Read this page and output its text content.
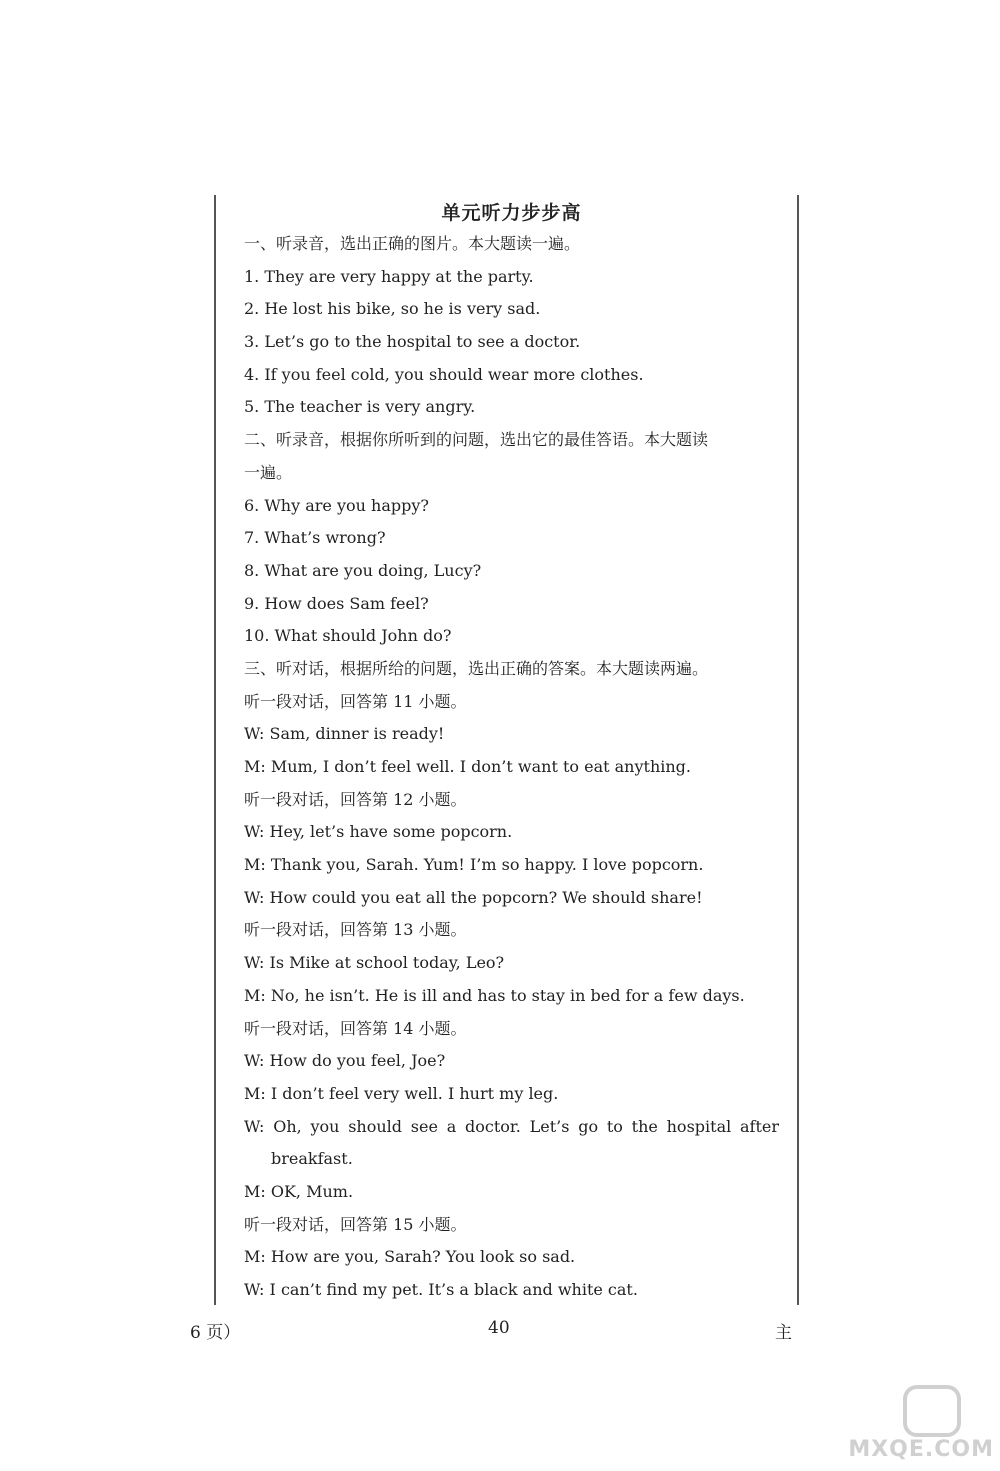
单元听力步步高
一、听录音，选出正确的图片。本大题读一遍。
1. They are very happy at the party.
2. He lost his bike, so he is very sad.
3. Let’s go to the hospital to see a doctor.
4. If you feel cold, you should wear more clothes.
5. The teacher is very angry.
二、听录音，根据你所听到的问题，选出它的最佳答语。本大题读
一遍。
6. Why are you happy?
7. What’s wrong?
8. What are you doing, Lucy?
9. How does Sam feel?
10. What should John do?
三、听对话，根据所给的问题，选出正确的答案。本大题读两遍。
听一段对话，回答第 11 小题。
W: Sam, dinner is ready!
M: Mum, I don’t feel well. I don’t want to eat anything.
听一段对话，回答第 12 小题。
W: Hey, let’s have some popcorn.
M: Thank you, Sarah. Yum! I’m so happy. I love popcorn.
W: How could you eat all the popcorn? We should share!
听一段对话，回答第 13 小题。
W: Is Mike at school today, Leo?
M: No, he isn’t. He is ill and has to stay in bed for a few days.
听一段对话，回答第 14 小题。
W: How do you feel, Joe?
M: I don’t feel very well. I hurt my leg.
W: Oh, you should see a doctor. Let’s go to the hospital after
breakfast.
M: OK, Mum.
听一段对话，回答第 15 小题。
M: How are you, Sarah? You look so sad.
W: I can’t find my pet. It’s a black and white cat.
6 页）	40	主
MXQE.COM
